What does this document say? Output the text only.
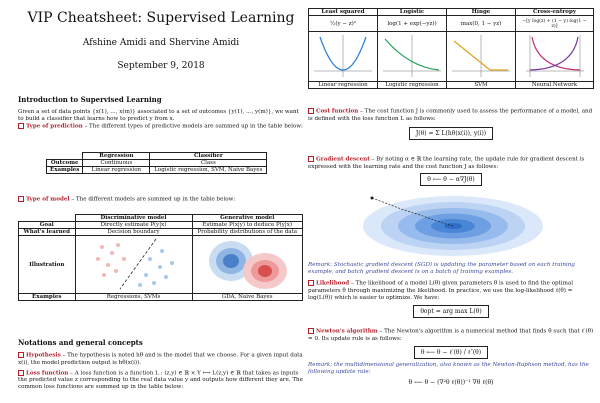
VIP Cheatsheet: Supervised Learning
Afshine Amidi and Shervine Amidi
September 9, 2018
Introduction to Supervised Learning

Given a set of data points {x(1), ..., x(m)} associated to a set of outcomes {y(1), ..., y(m)}, we want to build a classifier that learns how to predict y from x.

Type of prediction – The different types of predictive models are summed up in the table below:

	Regression	Classifier
Outcome	Continuous	Class
Examples	Linear regression	Logistic regression, SVM, Naive Bayes

Type of model – The different models are summed up in the table below:

	Discriminative model	Generative model
Goal	Directly estimate P(y|x)	Estimate P(x|y) to deduce P(y|x)
What's learned	Decision boundary	Probability distributions of the data
Illustration		
Examples	Regressions, SVMs	GDA, Naive Bayes
Notations and general concepts

Hypothesis – The hypothesis is noted hθ and is the model that we choose. For a given input data x(i), the model prediction output is hθ(x(i)).

Loss function – A loss function is a function L : (z,y) ∈ ℝ × Y ⟼ L(z,y) ∈ ℝ that takes as inputs the predicted value z corresponding to the real data value y and outputs how different they are. The common loss functions are summed up in the table below:

Least squared	Logistic	Hinge	Cross-entropy
½(y − z)²	log(1 + exp(−yz))	max(0, 1 − yz)	−[y log(z) + (1 − y) log(1 − z)]

Linear regression	Logistic regression	SVM	Neural Network

Cost function – The cost function J is commonly used to assess the performance of a model, and is defined with the loss function L as follows:

J(θ) = Σ L(hθ(x(i)), y(i))

Gradient descent – By noting α ∈ ℝ the learning rate, the update rule for gradient descent is expressed with the learning rate and the cost function J as follows:

θ ⟵ θ − α∇J(θ)

Remark: Stochastic gradient descent (SGD) is updating the parameter based on each training example, and batch gradient descent is on a batch of training examples.

Likelihood – The likelihood of a model L(θ) given parameters θ is used to find the optimal parameters θ through maximizing the likelihood. In practice, we use the log-likelihood ℓ(θ) = log(L(θ)) which is easier to optimize. We have:

θopt = arg max L(θ)

Newton's algorithm – The Newton's algorithm is a numerical method that finds θ such that ℓ′(θ) = 0. Its update rule is as follows:

θ ⟵ θ − ℓ′(θ) / ℓ″(θ)

Remark: the multidimensional generalization, also known as the Newton-Raphson method, has the following update rule:

θ ⟵ θ − (∇²θ ℓ(θ))⁻¹ ∇θ ℓ(θ)
